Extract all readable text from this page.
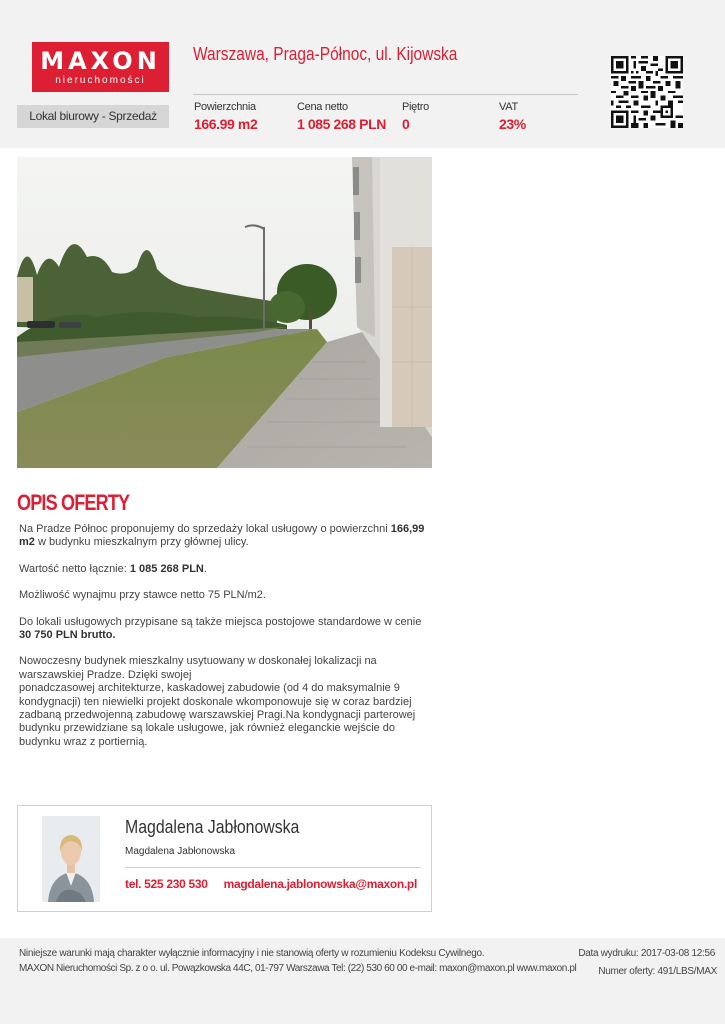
MAXON
nieruchomości
Warszawa, Praga-Północ, ul. Kijowska
Lokal biurowy - Sprzedaż
Powierzchnia
166.99 m2
Cena netto
1 085 268 PLN
Piętro
0
VAT
23%
OPIS OFERTY

Na Pradze Północ proponujemy do sprzedaży lokal usługowy o powierzchni 166,99 m2 w budynku mieszkalnym przy głównej ulicy.

Wartość netto łącznie: 1 085 268 PLN.

Możliwość wynajmu przy stawce netto 75 PLN/m2.

Do lokali usługowych przypisane są także miejsca postojowe standardowe w cenie 30 750 PLN brutto.

Nowoczesny budynek mieszkalny usytuowany w doskonałej lokalizacji na warszawskiej Pradze. Dzięki swojej
ponadczasowej architekturze, kaskadowej zabudowie (od 4 do maksymalnie 9 kondygnacji) ten niewielki projekt doskonale wkomponowuje się w coraz bardziej zadbaną przedwojenną zabudowę warszawskiej Pragi.Na kondygnacji parterowej budynku przewidziane są lokale usługowe, jak również eleganckie wejście do budynku wraz z portiernią.

Magdalena Jabłonowska
Magdalena Jabłonowska
tel. 525 230 530 magdalena.jablonowska@maxon.pl
Niniejsze warunki mają charakter wyłącznie informacyjny i nie stanowią oferty w rozumieniu Kodeksu Cywilnego.
MAXON Nieruchomości Sp. z o o. ul. Powązkowska 44C, 01-797 Warszawa Tel: (22) 530 60 00 e-mail: maxon@maxon.pl www.maxon.pl
Data wydruku: 2017-03-08 12:56
Numer oferty: 491/LBS/MAX
